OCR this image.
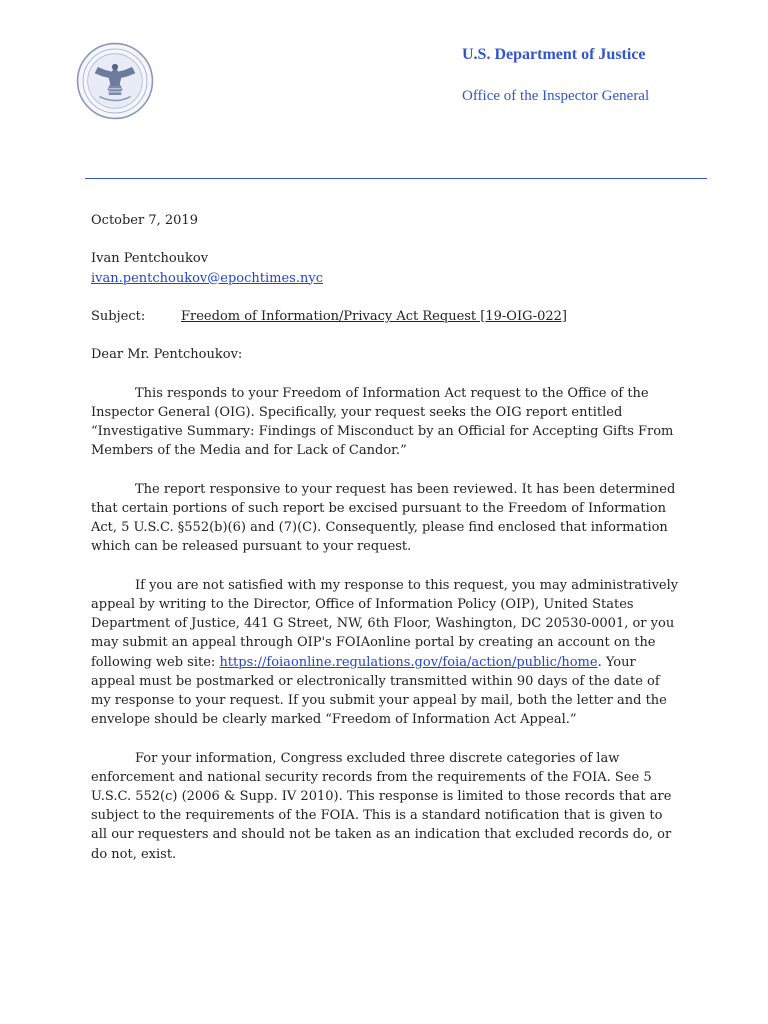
U.S. Department of Justice
Office of the Inspector General

October 7, 2019

Ivan Pentchoukov
ivan.pentchoukov@epochtimes.nyc

Subject:	Freedom of Information/Privacy Act Request [19-OIG-022]

Dear Mr. Pentchoukov:

This responds to your Freedom of Information Act request to the Office of the Inspector General (OIG). Specifically, your request seeks the OIG report entitled “Investigative Summary: Findings of Misconduct by an Official for Accepting Gifts From Members of the Media and for Lack of Candor.”

The report responsive to your request has been reviewed. It has been determined that certain portions of such report be excised pursuant to the Freedom of Information Act, 5 U.S.C. §552(b)(6) and (7)(C). Consequently, please find enclosed that information which can be released pursuant to your request.

If you are not satisfied with my response to this request, you may administratively appeal by writing to the Director, Office of Information Policy (OIP), United States Department of Justice, 441 G Street, NW, 6th Floor, Washington, DC 20530-0001, or you may submit an appeal through OIP's FOIAonline portal by creating an account on the following web site: https://foiaonline.regulations.gov/foia/action/public/home. Your appeal must be postmarked or electronically transmitted within 90 days of the date of my response to your request. If you submit your appeal by mail, both the letter and the envelope should be clearly marked “Freedom of Information Act Appeal.”

For your information, Congress excluded three discrete categories of law enforcement and national security records from the requirements of the FOIA. See 5 U.S.C. 552(c) (2006 & Supp. IV 2010). This response is limited to those records that are subject to the requirements of the FOIA. This is a standard notification that is given to all our requesters and should not be taken as an indication that excluded records do, or do not, exist.
